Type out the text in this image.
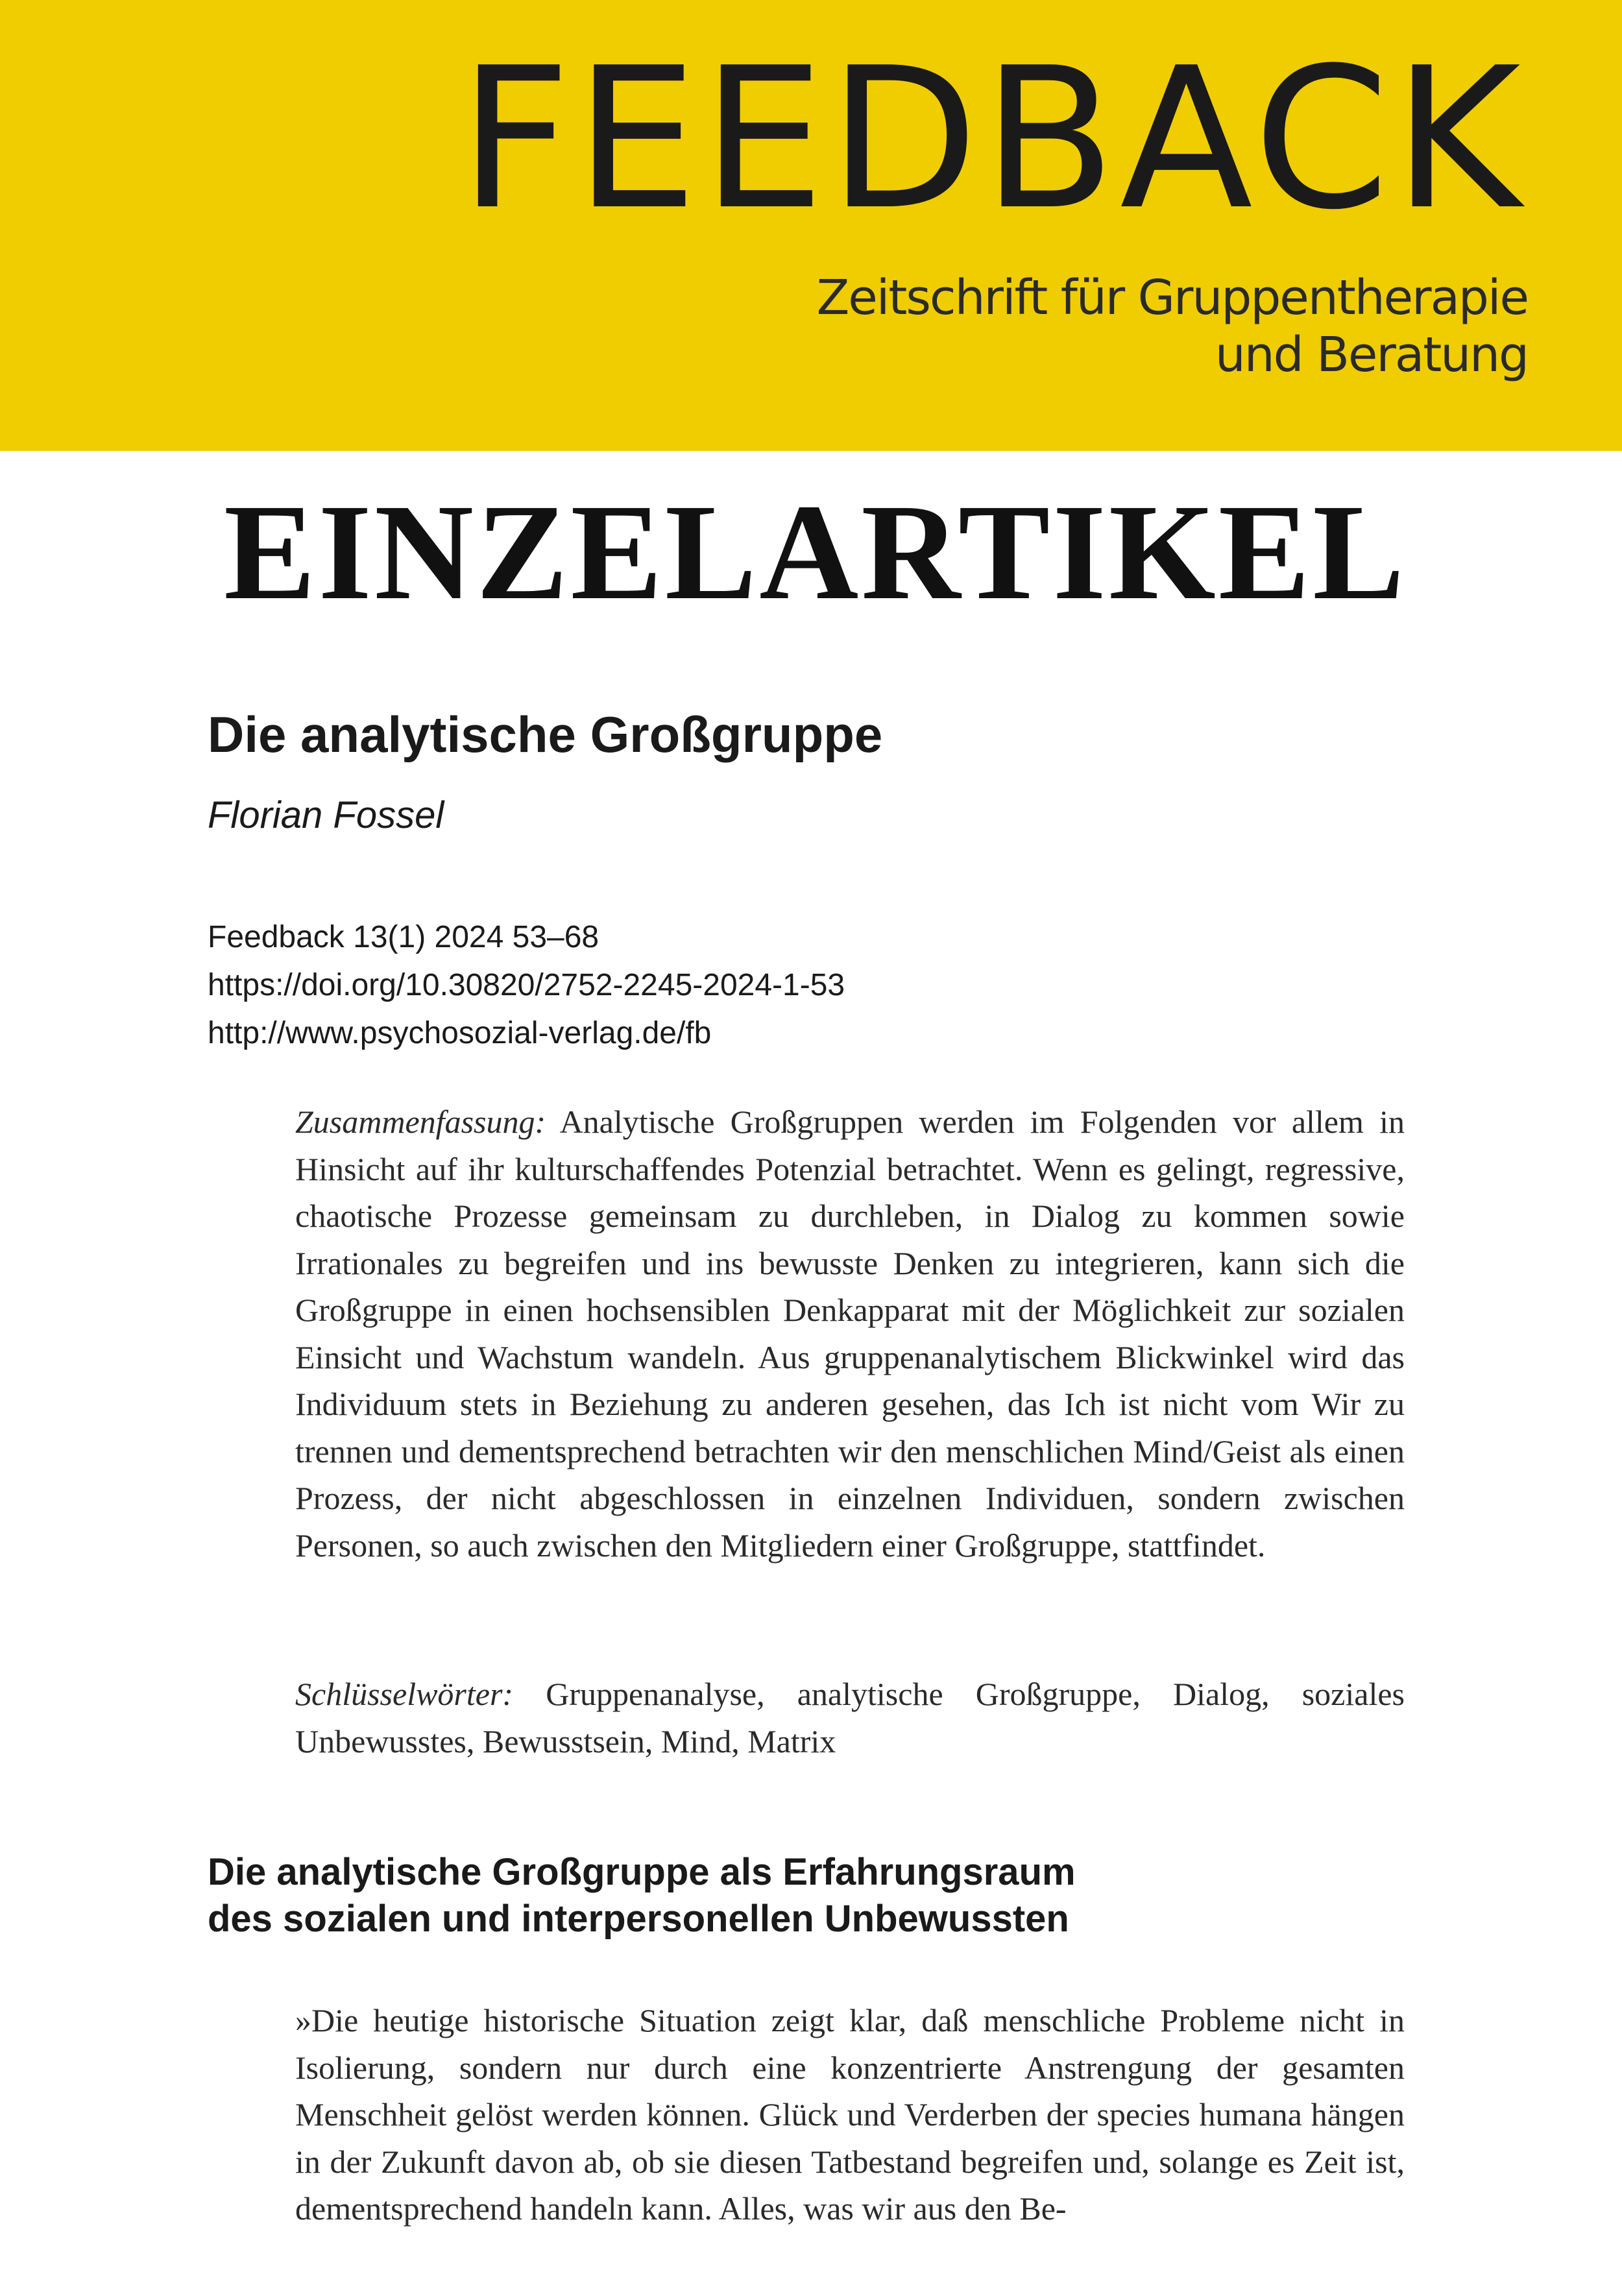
FEEDBACK
Zeitschrift für Gruppentherapie
und Beratung
EINZELARTIKEL
Die analytische Großgruppe
Florian Fossel
Feedback 13(1) 2024 53–68
https://doi.org/10.30820/2752-2245-2024-1-53
http://www.psychosozial-verlag.de/fb
Zusammenfassung: Analytische Großgruppen werden im Folgenden vor allem in Hinsicht auf ihr kulturschaffendes Potenzial betrachtet. Wenn es gelingt, regressive, chaotische Prozesse gemeinsam zu durchleben, in Dialog zu kommen sowie Irrationales zu begreifen und ins bewusste Denken zu integrieren, kann sich die Großgruppe in einen hochsensiblen Denkapparat mit der Möglichkeit zur sozialen Einsicht und Wachstum wandeln. Aus gruppenanalytischem Blickwinkel wird das Individuum stets in Beziehung zu anderen gesehen, das Ich ist nicht vom Wir zu trennen und dementsprechend betrachten wir den menschlichen Mind/Geist als einen Prozess, der nicht abgeschlossen in einzelnen Individuen, sondern zwischen Personen, so auch zwischen den Mitgliedern einer Großgruppe, stattfindet.
Schlüsselwörter: Gruppenanalyse, analytische Großgruppe, Dialog, soziales Unbewusstes, Bewusstsein, Mind, Matrix
Die analytische Großgruppe als Erfahrungsraum
des sozialen und interpersonellen Unbewussten
»Die heutige historische Situation zeigt klar, daß menschliche Probleme nicht in Isolierung, sondern nur durch eine konzentrierte Anstrengung der gesamten Menschheit gelöst werden können. Glück und Verderben der species humana hängen in der Zukunft davon ab, ob sie diesen Tatbestand begreifen und, solange es Zeit ist, dementsprechend handeln kann. Alles, was wir aus den Be-
